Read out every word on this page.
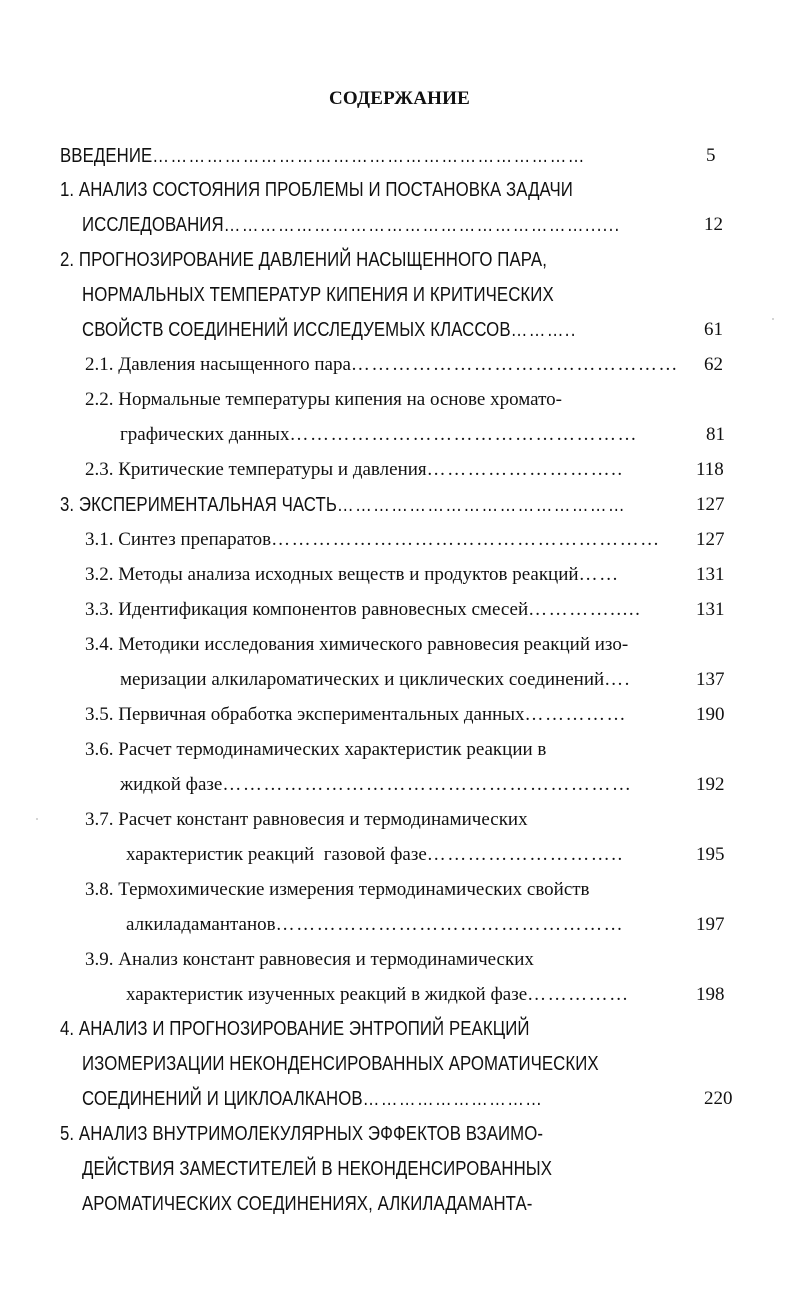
СОДЕРЖАНИЕ
ВВЕДЕНИЕ………………………………………………………………	5
1. АНАЛИЗ СОСТОЯНИЯ ПРОБЛЕМЫ И ПОСТАНОВКА ЗАДАЧИ
ИССЛЕДОВАНИЯ……………………………………………………......	12
2. ПРОГНОЗИРОВАНИЕ ДАВЛЕНИЙ НАСЫЩЕННОГО ПАРА,
НОРМАЛЬНЫХ ТЕМПЕРАТУР КИПЕНИЯ И КРИТИЧЕСКИХ
СВОЙСТВ СОЕДИНЕНИЙ ИССЛЕДУЕМЫХ КЛАССОВ………..	61
2.1. Давления насыщенного пара………………………………………… 62
2.2. Нормальные температуры кипения на основе хромато-
графических данных……………………………………………	81
2.3. Критические температуры и давления………………………..	118
3. ЭКСПЕРИМЕНТАЛЬНАЯ ЧАСТЬ…………………………………………	127
3.1. Синтез препаратов………………………………………………… 127
3.2. Методы анализа исходных веществ и продуктов реакций……	131
3.3. Идентификация компонентов равновесных смесей………….....	131
3.4. Методики исследования химического равновесия реакций изо-
меризации алкилароматических и циклических соединений….	137
3.5. Первичная обработка экспериментальных данных……………	190
3.6. Расчет термодинамических характеристик реакции в
жидкой фазе……………………………………………………	192
3.7. Расчет констант равновесия и термодинамических
характеристик реакций  газовой фазе………………………..	195
3.8. Термохимические измерения термодинамических свойств
алкиладамантанов……………………………………………	197
3.9. Анализ констант равновесия и термодинамических
характеристик изученных реакций в жидкой фазе……………	198
4. АНАЛИЗ И ПРОГНОЗИРОВАНИЕ ЭНТРОПИЙ РЕАКЦИЙ
ИЗОМЕРИЗАЦИИ НЕКОНДЕНСИРОВАННЫХ АРОМАТИЧЕСКИХ
СОЕДИНЕНИЙ И ЦИКЛОАЛКАНОВ…………………………	220
5. АНАЛИЗ ВНУТРИМОЛЕКУЛЯРНЫХ ЭФФЕКТОВ ВЗАИМО-
ДЕЙСТВИЯ ЗАМЕСТИТЕЛЕЙ В НЕКОНДЕНСИРОВАННЫХ
АРОМАТИЧЕСКИХ СОЕДИНЕНИЯХ, АЛКИЛАДАМАНТА-
